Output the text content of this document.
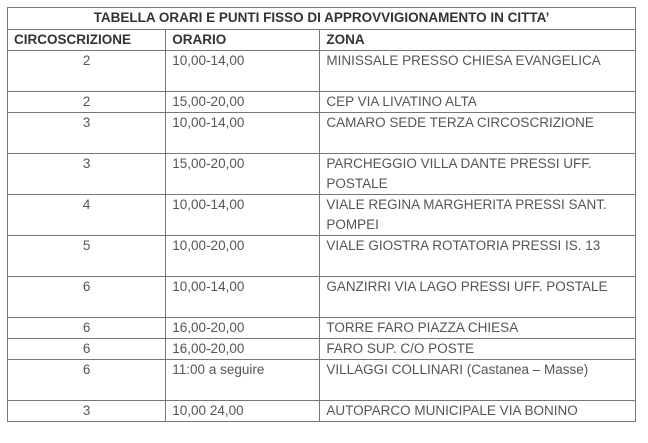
TABELLA ORARI E PUNTI FISSO DI APPROVVIGIONAMENTO IN CITTA’		
CIRCOSCRIZIONE	ORARIO	ZONA
2	10,00-14,00	MINISSALE PRESSO CHIESA EVANGELICA
2	15,00-20,00	CEP VIA LIVATINO ALTA
3	10,00-14,00	CAMARO SEDE TERZA CIRCOSCRIZIONE
3	15,00-20,00	PARCHEGGIO VILLA DANTE PRESSI UFF. POSTALE
4	10,00-14,00	VIALE REGINA MARGHERITA PRESSI SANT. POMPEI
5	10,00-20,00	VIALE GIOSTRA ROTATORIA PRESSI IS. 13
6	10,00-14,00	GANZIRRI VIA LAGO PRESSI UFF. POSTALE
6	16,00-20,00	TORRE FARO PIAZZA CHIESA
6	16,00-20,00	FARO SUP. C/O POSTE
6	11:00 a seguire	VILLAGGI COLLINARI (Castanea – Masse)
3	10,00 24,00	AUTOPARCO MUNICIPALE VIA BONINO
